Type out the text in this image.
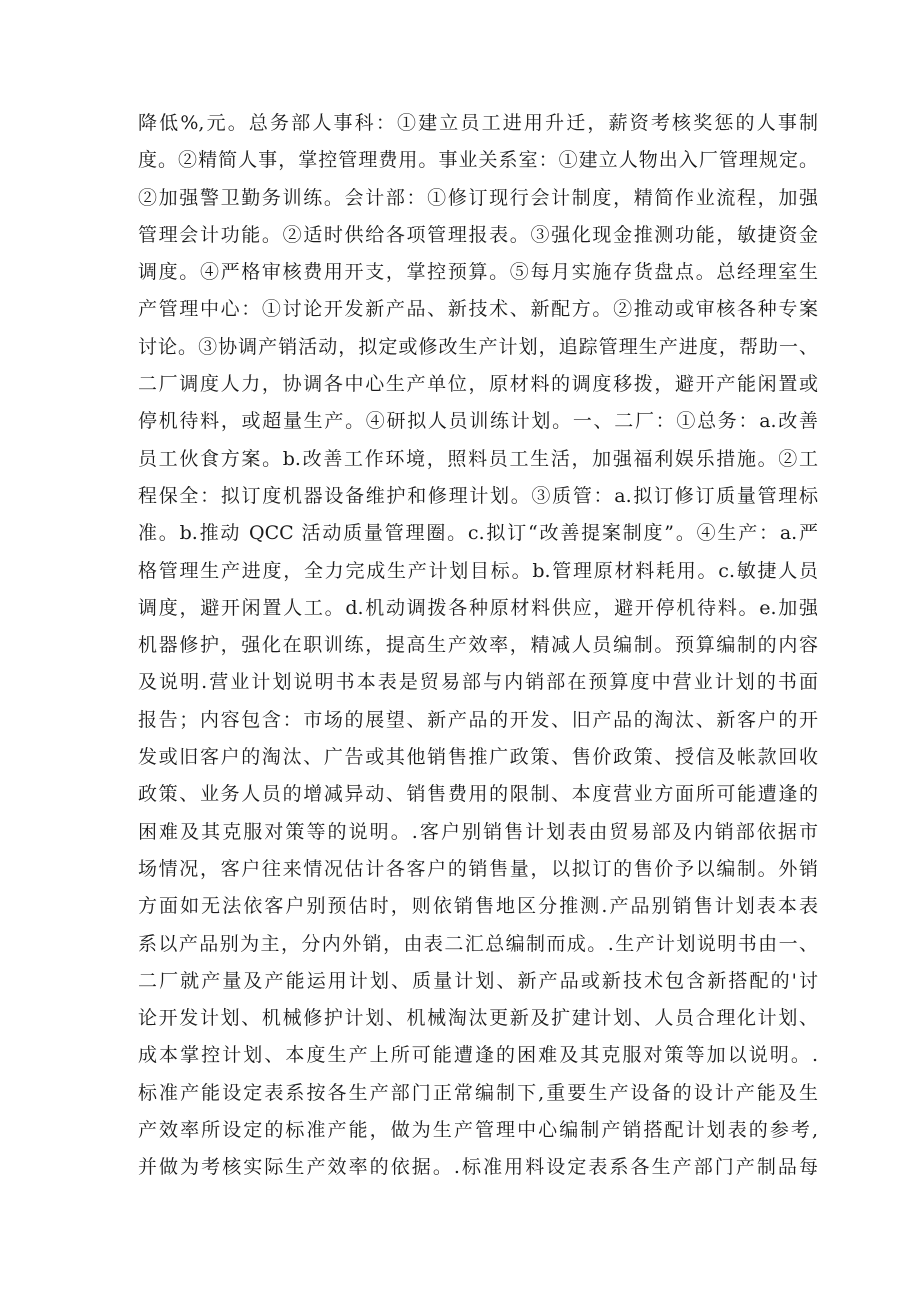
降低%,元。总务部人事科：①建立员工进用升迁，薪资考核奖惩的人事制
度。②精简人事，掌控管理费用。事业关系室：①建立人物出入厂管理规定。
②加强警卫勤务训练。会计部：①修订现行会计制度，精简作业流程，加强
管理会计功能。②适时供给各项管理报表。③强化现金推测功能，敏捷资金
调度。④严格审核费用开支，掌控预算。⑤每月实施存货盘点。总经理室生
产管理中心：①讨论开发新产品、新技术、新配方。②推动或审核各种专案
讨论。③协调产销活动，拟定或修改生产计划，追踪管理生产进度，帮助一、
二厂调度人力，协调各中心生产单位，原材料的调度移拨，避开产能闲置或
停机待料，或超量生产。④研拟人员训练计划。一、二厂：①总务：a.改善
员工伙食方案。b.改善工作环境，照料员工生活，加强福利娱乐措施。②工
程保全：拟订度机器设备维护和修理计划。③质管：a.拟订修订质量管理标
准。b.推动 QCC 活动质量管理圈。c.拟订“改善提案制度”。④生产：a.严
格管理生产进度，全力完成生产计划目标。b.管理原材料耗用。c.敏捷人员
调度，避开闲置人工。d.机动调拨各种原材料供应，避开停机待料。e.加强
机器修护，强化在职训练，提高生产效率，精减人员编制。预算编制的内容
及说明.营业计划说明书本表是贸易部与内销部在预算度中营业计划的书面
报告；内容包含：市场的展望、新产品的开发、旧产品的淘汰、新客户的开
发或旧客户的淘汰、广告或其他销售推广政策、售价政策、授信及帐款回收
政策、业务人员的增减异动、销售费用的限制、本度营业方面所可能遭逢的
困难及其克服对策等的说明。.客户别销售计划表由贸易部及内销部依据市
场情况，客户往来情况估计各客户的销售量，以拟订的售价予以编制。外销
方面如无法依客户别预估时，则依销售地区分推测.产品别销售计划表本表
系以产品别为主，分内外销，由表二汇总编制而成。.生产计划说明书由一、
二厂就产量及产能运用计划、质量计划、新产品或新技术包含新搭配的'讨
论开发计划、机械修护计划、机械淘汰更新及扩建计划、人员合理化计划、
成本掌控计划、本度生产上所可能遭逢的困难及其克服对策等加以说明。.
标准产能设定表系按各生产部门正常编制下,重要生产设备的设计产能及生
产效率所设定的标准产能，做为生产管理中心编制产销搭配计划表的参考,
并做为考核实际生产效率的依据。.标准用料设定表系各生产部门产制品每
